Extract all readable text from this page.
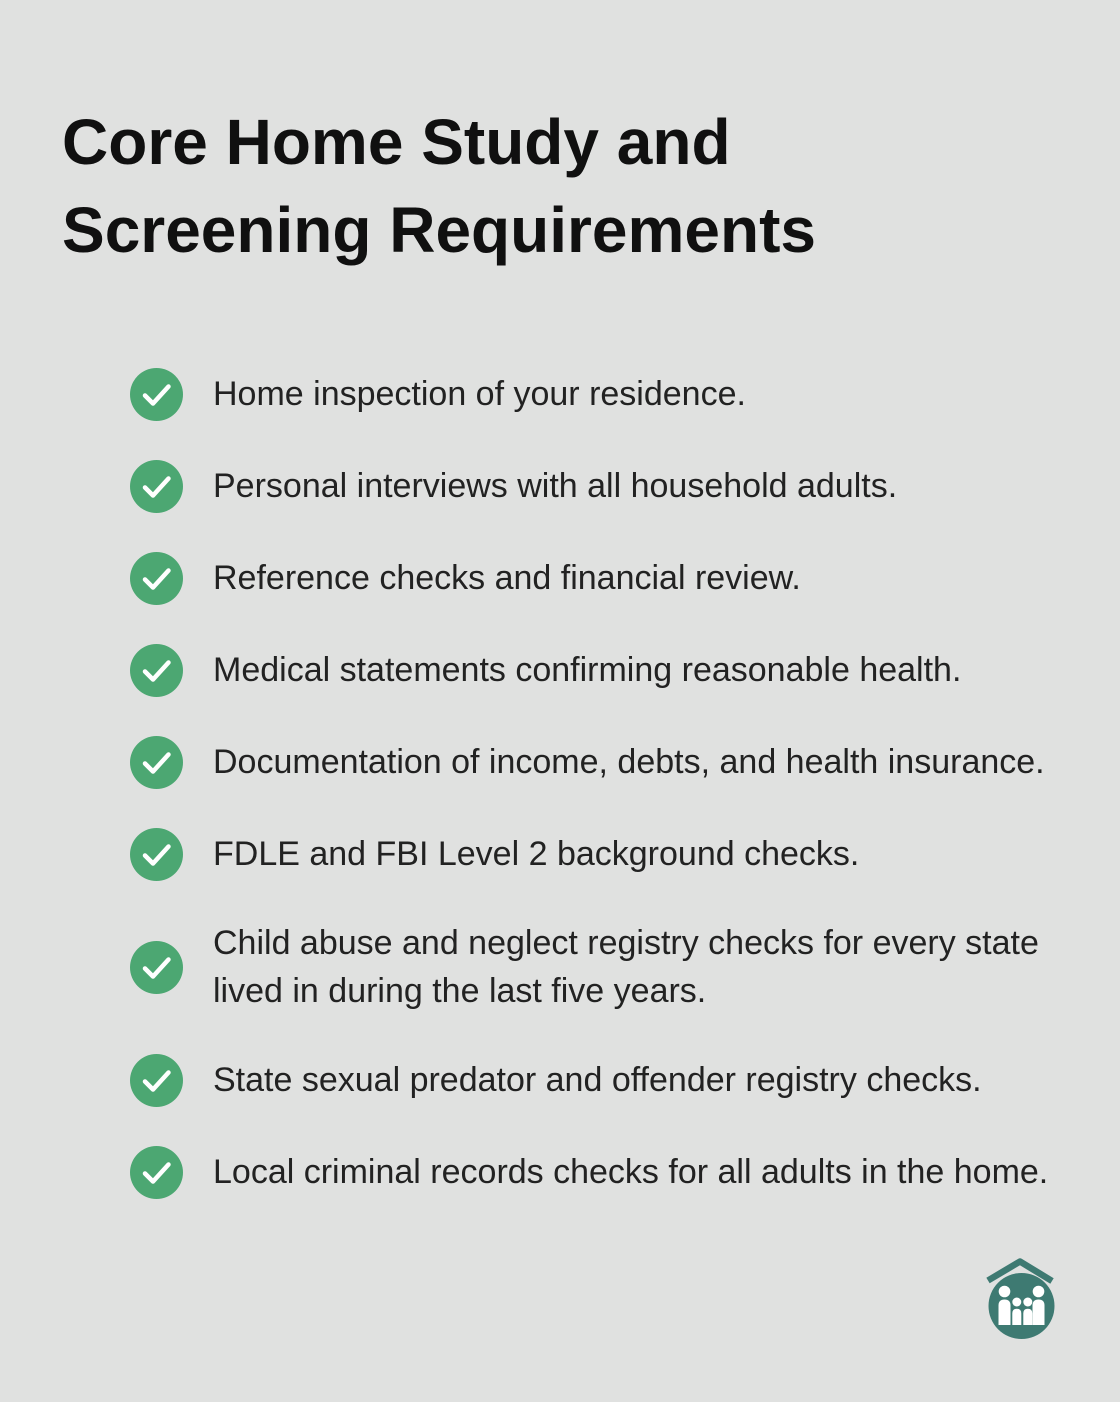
Core Home Study and Screening Requirements
Home inspection of your residence.
Personal interviews with all household adults.
Reference checks and financial review.
Medical statements confirming reasonable health.
Documentation of income, debts, and health insurance.
FDLE and FBI Level 2 background checks.
Child abuse and neglect registry checks for every state lived in during the last five years.
State sexual predator and offender registry checks.
Local criminal records checks for all adults in the home.
